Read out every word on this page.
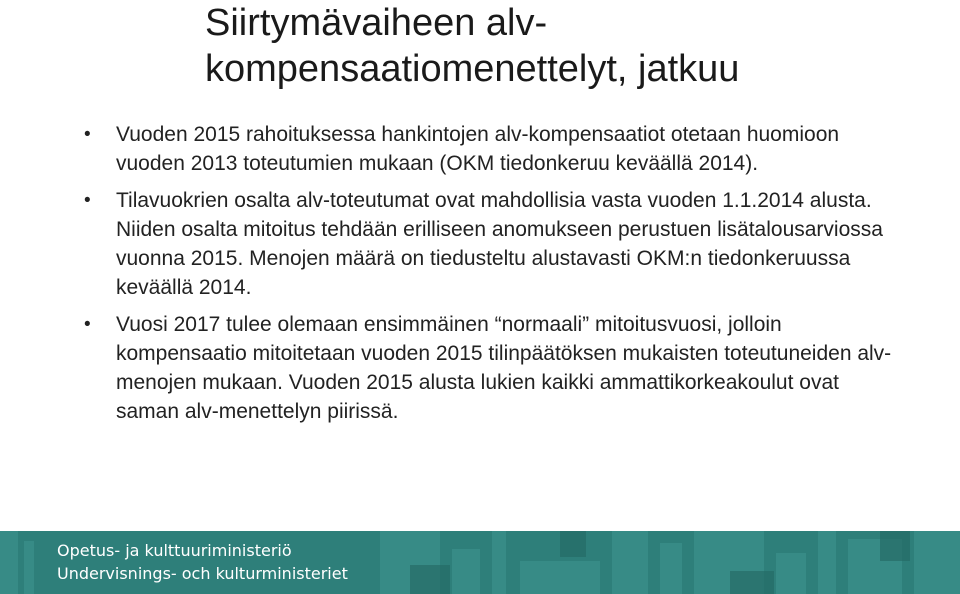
Siirtymävaiheen alv-
kompensaatiomenettelyt, jatkuu
• Vuoden 2015 rahoituksessa hankintojen alv-kompensaatiot otetaan huomioon vuoden 2013 toteutumien mukaan (OKM tiedonkeruu keväällä 2014).
• Tilavuokrien osalta alv-toteutumat ovat mahdollisia vasta vuoden 1.1.2014 alusta. Niiden osalta mitoitus tehdään erilliseen anomukseen perustuen lisätalousarviossa vuonna 2015. Menojen määrä on tiedusteltu alustavasti OKM:n tiedonkeruussa keväällä 2014.
• Vuosi 2017 tulee olemaan ensimmäinen “normaali” mitoitusvuosi, jolloin kompensaatio mitoitetaan vuoden 2015 tilinpäätöksen mukaisten toteutuneiden alv-menojen mukaan. Vuoden 2015 alusta lukien kaikki ammattikorkeakoulut ovat saman alv-menettelyn piirissä.
Opetus- ja kulttuuriministeriö
Undervisnings- och kulturministeriet
